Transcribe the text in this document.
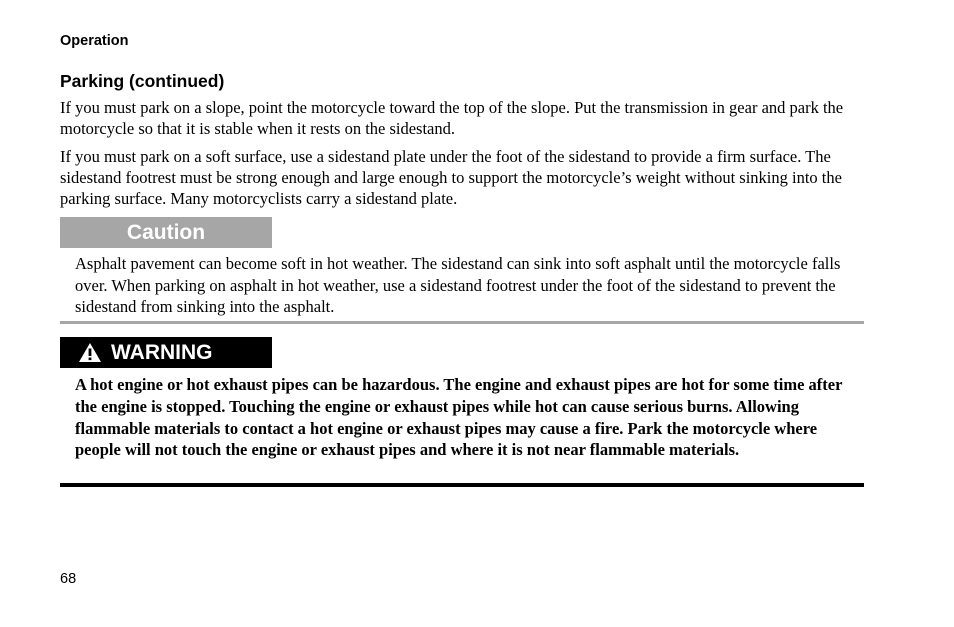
Operation
Parking (continued)

If you must park on a slope, point the motorcycle toward the top of the slope. Put the transmission in gear and park the motorcycle so that it is stable when it rests on the sidestand.

If you must park on a soft surface, use a sidestand plate under the foot of the sidestand to provide a firm surface. The sidestand footrest must be strong enough and large enough to support the motorcycle’s weight without sinking into the parking surface. Many motorcyclists carry a sidestand plate.

Caution

Asphalt pavement can become soft in hot weather. The sidestand can sink into soft asphalt until the motorcycle falls over. When parking on asphalt in hot weather, use a sidestand footrest under the foot of the sidestand to prevent the sidestand from sinking into the asphalt.

WARNING

A hot engine or hot exhaust pipes can be hazardous. The engine and exhaust pipes are hot for some time after the engine is stopped. Touching the engine or exhaust pipes while hot can cause serious burns. Allowing flammable materials to contact a hot engine or exhaust pipes may cause a fire. Park the motorcycle where people will not touch the engine or exhaust pipes and where it is not near flammable materials.

68
